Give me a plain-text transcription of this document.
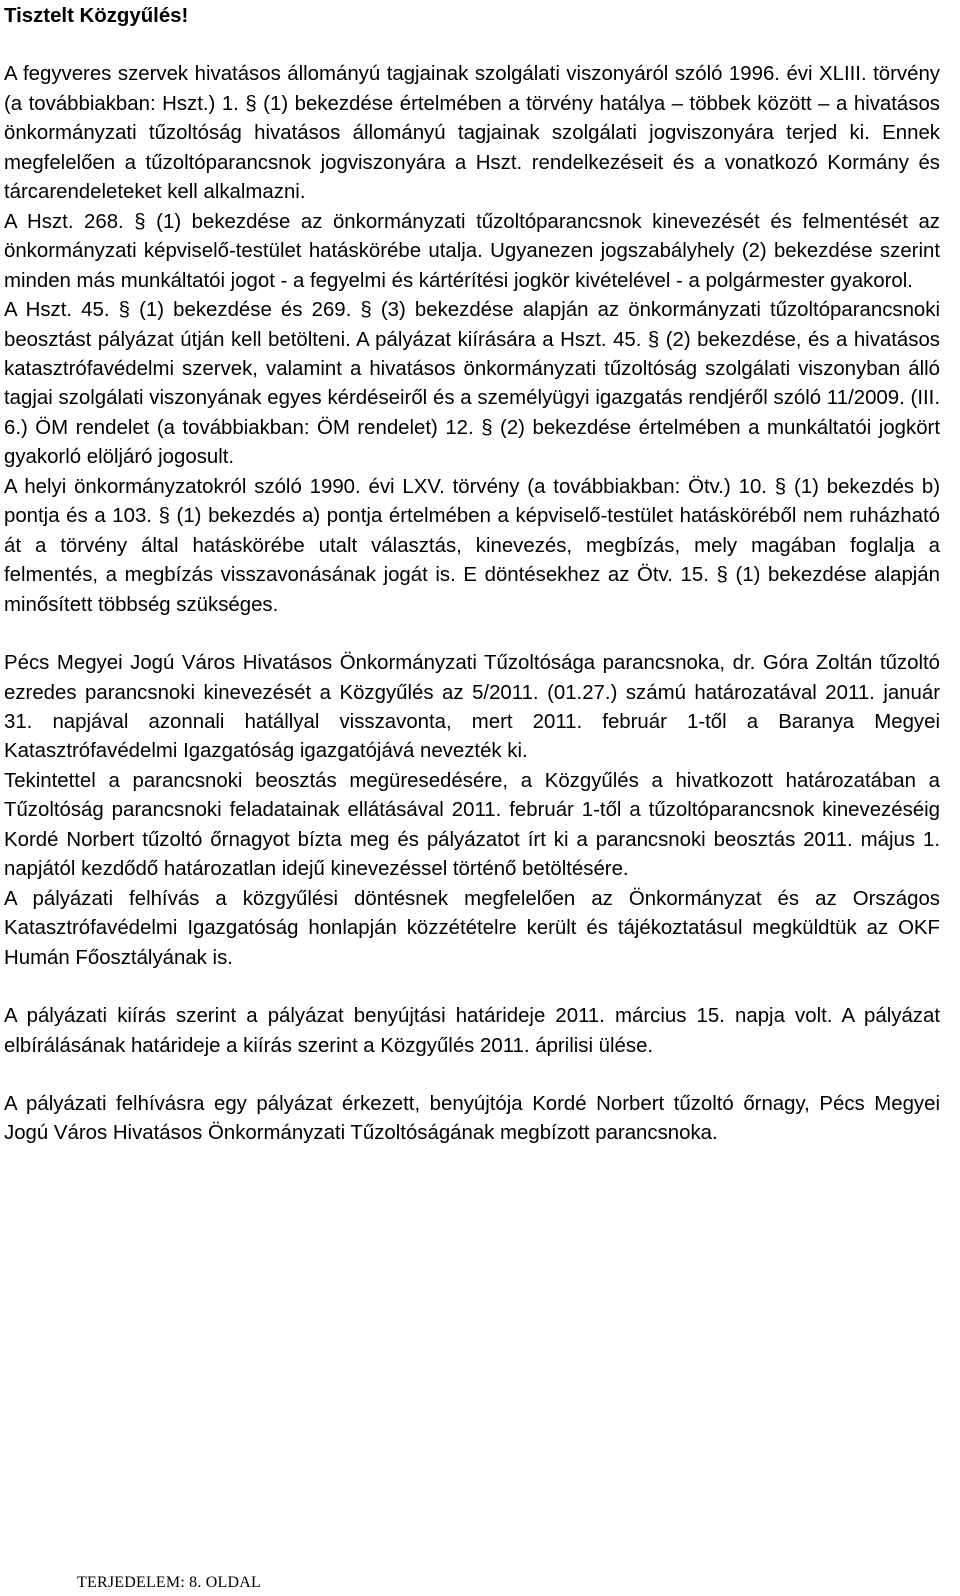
Tisztelt Közgyűlés!

A fegyveres szervek hivatásos állományú tagjainak szolgálati viszonyáról szóló 1996. évi XLIII. törvény (a továbbiakban: Hszt.) 1. § (1) bekezdése értelmében a törvény hatálya – többek között – a hivatásos önkormányzati tűzoltóság hivatásos állományú tagjainak szolgálati jogviszonyára terjed ki. Ennek megfelelően a tűzoltóparancsnok jogviszonyára a Hszt. rendelkezéseit és a vonatkozó Kormány és tárcarendeleteket kell alkalmazni.

A Hszt. 268. § (1) bekezdése az önkormányzati tűzoltóparancsnok kinevezését és felmentését az önkormányzati képviselő-testület hatáskörébe utalja. Ugyanezen jogszabályhely (2) bekezdése szerint minden más munkáltatói jogot - a fegyelmi és kártérítési jogkör kivételével - a polgármester gyakorol.

A Hszt. 45. § (1) bekezdése és 269. § (3) bekezdése alapján az önkormányzati tűzoltóparancsnoki beosztást pályázat útján kell betölteni. A pályázat kiírására a Hszt. 45. § (2) bekezdése, és a hivatásos katasztrófavédelmi szervek, valamint a hivatásos önkormányzati tűzoltóság szolgálati viszonyban álló tagjai szolgálati viszonyának egyes kérdéseiről és a személyügyi igazgatás rendjéről szóló 11/2009. (III. 6.) ÖM rendelet (a továbbiakban: ÖM rendelet) 12. § (2) bekezdése értelmében a munkáltatói jogkört gyakorló elöljáró jogosult.

A helyi önkormányzatokról szóló 1990. évi LXV. törvény (a továbbiakban: Ötv.) 10. § (1) bekezdés b) pontja és a 103. § (1) bekezdés a) pontja értelmében a képviselő-testület hatásköréből nem ruházható át a törvény által hatáskörébe utalt választás, kinevezés, megbízás, mely magában foglalja a felmentés, a megbízás visszavonásának jogát is. E döntésekhez az Ötv. 15. § (1) bekezdése alapján minősített többség szükséges.

Pécs Megyei Jogú Város Hivatásos Önkormányzati Tűzoltósága parancsnoka, dr. Góra Zoltán tűzoltó ezredes parancsnoki kinevezését a Közgyűlés az 5/2011. (01.27.) számú határozatával 2011. január 31. napjával azonnali hatállyal visszavonta, mert 2011. február 1-től a Baranya Megyei Katasztrófavédelmi Igazgatóság igazgatójává nevezték ki.

Tekintettel a parancsnoki beosztás megüresedésére, a Közgyűlés a hivatkozott határozatában a Tűzoltóság parancsnoki feladatainak ellátásával 2011. február 1-től a tűzoltóparancsnok kinevezéséig Kordé Norbert tűzoltó őrnagyot bízta meg és pályázatot írt ki a parancsnoki beosztás 2011. május 1. napjától kezdődő határozatlan idejű kinevezéssel történő betöltésére.

A pályázati felhívás a közgyűlési döntésnek megfelelően az Önkormányzat és az Országos Katasztrófavédelmi Igazgatóság honlapján közzétételre került és tájékoztatásul megküldtük az OKF Humán Főosztályának is.

A pályázati kiírás szerint a pályázat benyújtási határideje 2011. március 15. napja volt. A pályázat elbírálásának határideje a kiírás szerint a Közgyűlés 2011. áprilisi ülése.

A pályázati felhívásra egy pályázat érkezett, benyújtója Kordé Norbert tűzoltó őrnagy, Pécs Megyei Jogú Város Hivatásos Önkormányzati Tűzoltóságának megbízott parancsnoka.

TERJEDELEM: 8. OLDAL
